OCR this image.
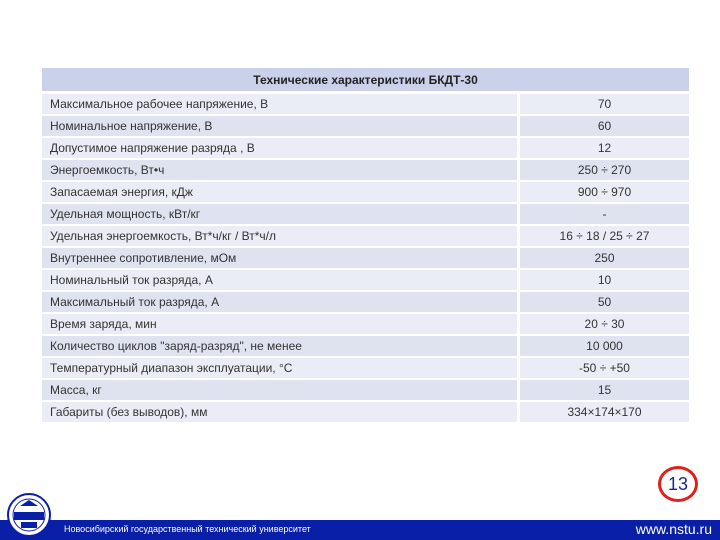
Технические характеристики БКДТ-30
Максимальное рабочее напряжение, В	70
Номинальное напряжение, В	60
Допустимое напряжение разряда , В	12
Энергоемкость, Вт•ч	250 ÷ 270
Запасаемая энергия, кДж	900 ÷ 970
Удельная мощность, кВт/кг	-
Удельная энергоемкость, Вт*ч/кг / Вт*ч/л	16 ÷ 18 / 25 ÷ 27
Внутреннее сопротивление, мОм	250
Номинальный ток разряда, А	10
Максимальный ток разряда, А	50
Время заряда, мин	20 ÷ 30
Количество циклов "заряд-разряд", не менее	10 000
Температурный диапазон эксплуатации, °С	-50 ÷ +50
Масса, кг	15
Габариты (без выводов), мм	334×174×170
13
Новосибирский государственный технический университет	www.nstu.ru
